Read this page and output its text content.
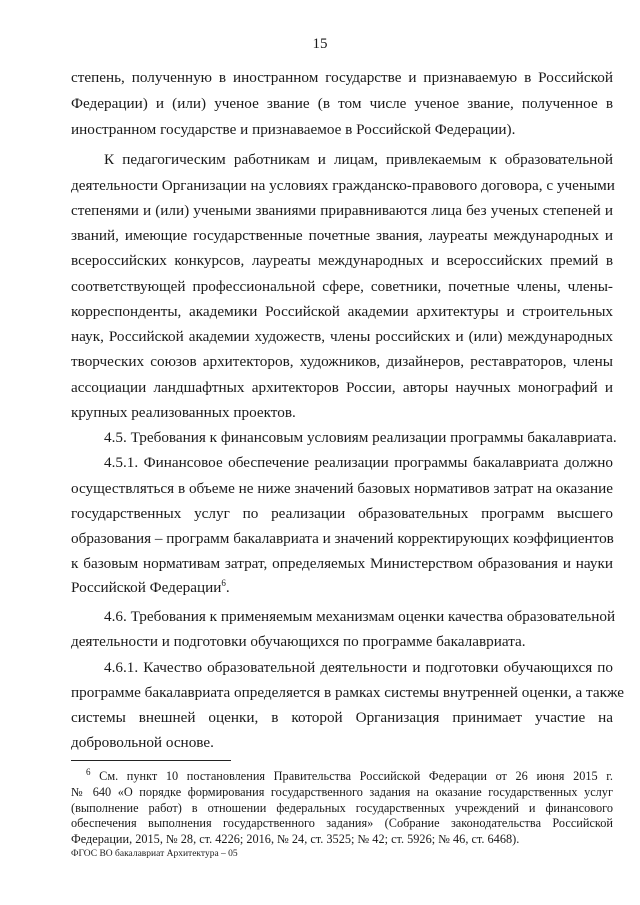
15
степень, полученную в иностранном государстве и признаваемую в Российской
Федерации) и (или) ученое звание (в том числе ученое звание, полученное в
иностранном государстве и признаваемое в Российской Федерации).
К педагогическим работникам и лицам, привлекаемым к образовательной
деятельности Организации на условиях гражданско-правового договора, с учеными
степенями и (или) учеными званиями приравниваются лица без ученых степеней и
званий, имеющие государственные почетные звания, лауреаты международных и
всероссийских конкурсов, лауреаты международных и всероссийских премий в
соответствующей профессиональной сфере, советники, почетные члены, члены-
корреспонденты, академики Российской академии архитектуры и строительных
наук, Российской академии художеств, члены российских и (или) международных
творческих союзов архитекторов, художников, дизайнеров, реставраторов, члены
ассоциации ландшафтных архитекторов России, авторы научных монографий и
крупных реализованных проектов.
4.5. Требования к финансовым условиям реализации программы бакалавриата.
4.5.1. Финансовое обеспечение реализации программы бакалавриата должно
осуществляться в объеме не ниже значений базовых нормативов затрат на оказание
государственных услуг по реализации образовательных программ высшего
образования – программ бакалавриата и значений корректирующих коэффициентов
к базовым нормативам затрат, определяемых Министерством образования и науки
Российской Федерации$^6$.
4.6. Требования к применяемым механизмам оценки качества образовательной
деятельности и подготовки обучающихся по программе бакалавриата.
4.6.1. Качество образовательной деятельности и подготовки обучающихся по
программе бакалавриата определяется в рамках системы внутренней оценки, а также
системы внешней оценки, в которой Организация принимает участие на
добровольной основе.
$^6$ См. пункт 10 постановления Правительства Российской Федерации от 26 июня 2015 г.
№ 640 «О порядке формирования государственного задания на оказание государственных услуг
(выполнение работ) в отношении федеральных государственных учреждений и финансового
обеспечения выполнения государственного задания» (Собрание законодательства Российской
Федерации, 2015, № 28, ст. 4226; 2016, № 24, ст. 3525; № 42; ст. 5926; № 46, ст. 6468).
ФГОС ВО бакалавриат Архитектура – 05
